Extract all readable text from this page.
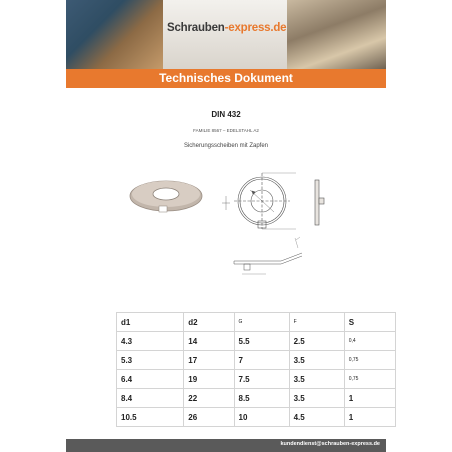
Schrauben-express.de
Technisches Dokument
DIN 432
FAMILIE 8567 – EDELSTAHL A2
Sicherungsscheiben mit Zapfen
d1	d2	G	F	S
4.3	14	5.5	2.5	0,4
5.3	17	7	3.5	0,75
6.4	19	7.5	3.5	0,75
8.4	22	8.5	3.5	1
10.5	26	10	4.5	1
kundendienst@schrauben-express.de
